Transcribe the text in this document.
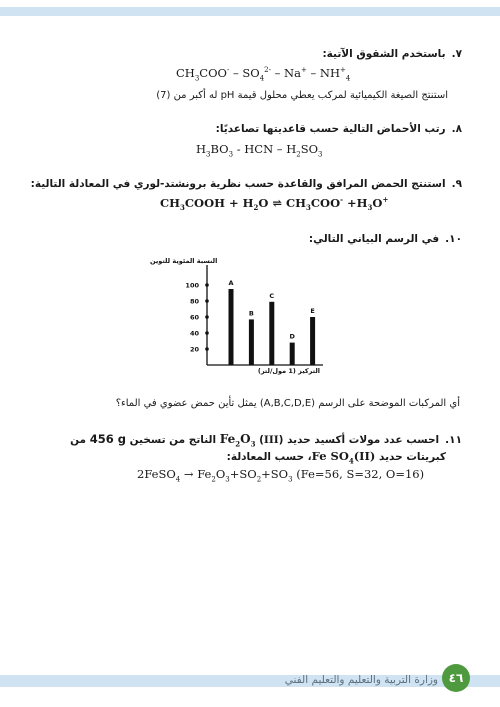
٧.باستخدم الشقوق الآتية:
$CH_3COO^- - SO_4^{2-} - Na^+ - NH^+_4$
استنتج الصيغة الكيميائية لمركب يعطي محلول قيمة pH له أكبر من (7)
٨.رتب الأحماض التالية حسب قاعديتها تصاعديًا:
$H_3BO_3$ - HCN – $H_2SO_3$
٩.استنتج الحمض المرافق والقاعدة حسب نظرية برونشتد-لوري في المعادلة التالية:
$CH_3COOH + H_2O$ ⇌ $CH_3COO^- +H_3O^+$
١٠.في الرسم البياني التالي:
النسبة المئوية للتوين
التركيز (1 مول/لتر)
20
40
60
80
100	A
B
C
D
E
أي المركبات الموضحة على الرسم (A,B,C,D,E) يمثل تأين حمض عضوي في الماء؟
١١.احسب عدد مولات أكسيد حديد (III) $Fe_2O_3$ الناتج من تسخين 456 g من
كبريتات حديد Fe $SO_4(II)،$ حسب المعادلة:
2FeSO$_4$ → $Fe_2O_3+SO_2+SO_3$ (Fe=56, S=32, O=16)
وزارة التربية والتعليم والتعليم الفني ٤٦
